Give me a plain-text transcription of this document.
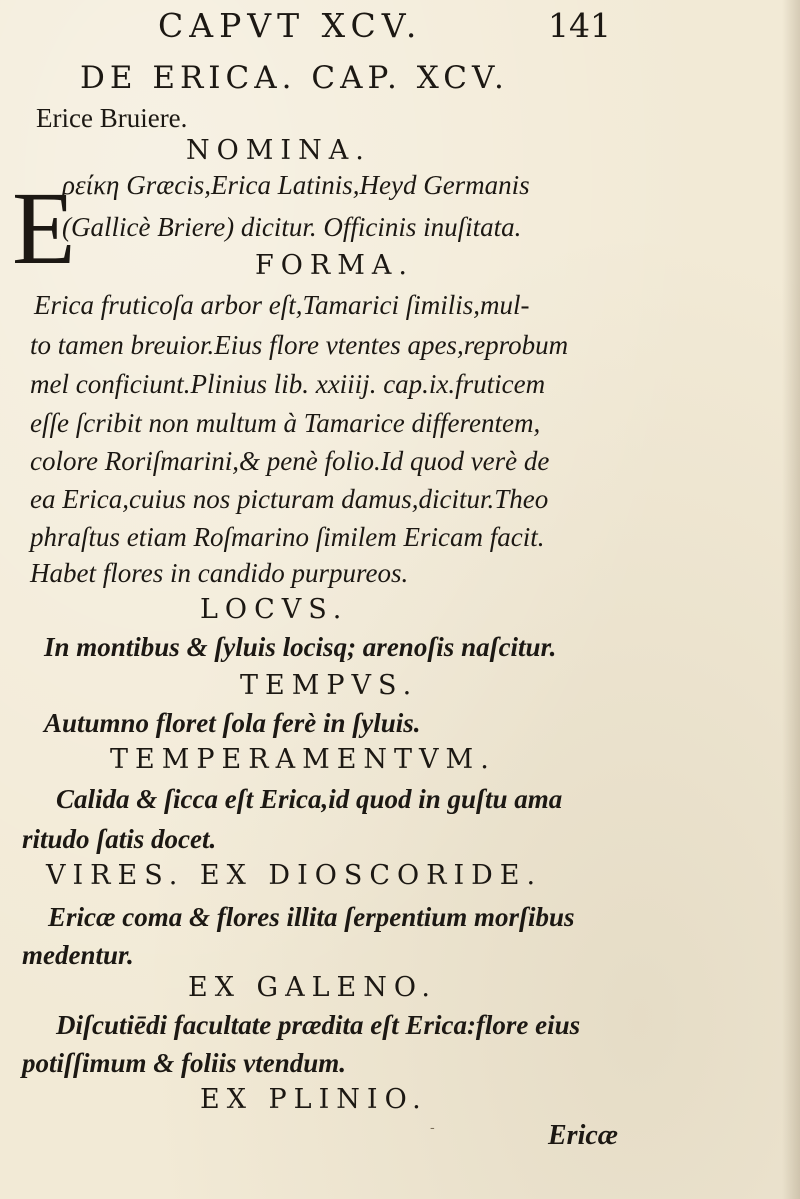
CAPVT XCV.	141
DE ERICA. CAP. XCV.
Erice Bruiere.
NOMINA.
E
ρείκη Græcis,Erica Latinis,Heyd Germanis
(Gallicè Briere) dicitur. Officinis inuſitata.
FORMA.
Erica fruticoſa arbor eſt,Tamarici ſimilis,mul-
to tamen breuior.Eius flore vtentes apes,reprobum
mel conficiunt.Plinius lib. xxiiij. cap.ix.fruticem
eſſe ſcribit non multum à Tamarice differentem,
colore Roriſmarini,& penè folio.Id quod verè de
ea Erica,cuius nos picturam damus,dicitur.Theo
phraſtus etiam Roſmarino ſimilem Ericam facit.
Habet flores in candido purpureos.
LOCVS.
In montibus & ſyluis locisq; arenoſis naſcitur.
TEMPVS.
Autumno floret ſola ferè in ſyluis.
TEMPERAMENTVM.
Calida & ſicca eſt Erica,id quod in guſtu ama
ritudo ſatis docet.
VIRES. EX DIOSCORIDE.
Ericæ coma & flores illita ſerpentium morſibus
medentur.
EX GALENO.
Diſcutiēdi facultate prædita eſt Erica:flore eius
potiſſimum & foliis vtendum.
EX PLINIO.
-	Ericæ
